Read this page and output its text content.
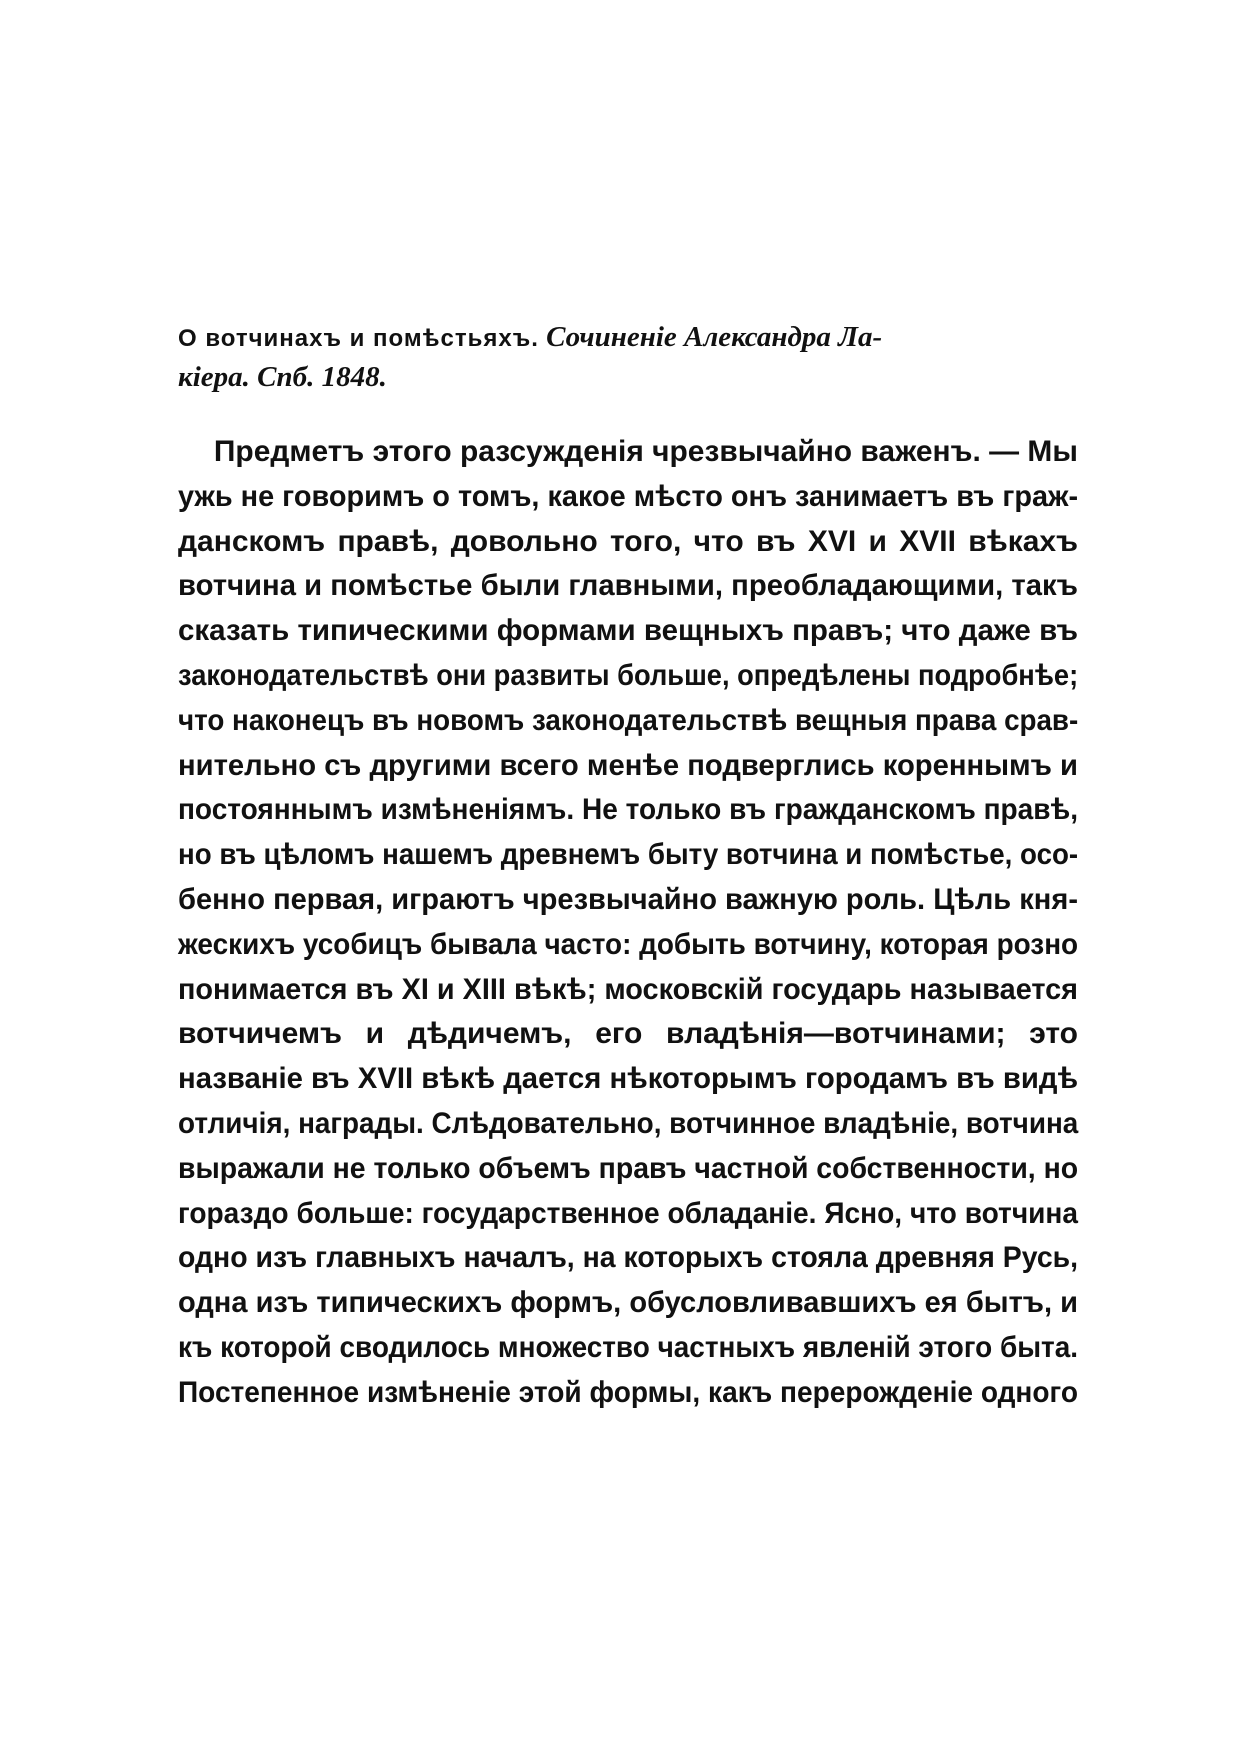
О вотчинахъ и помѣстьяхъ. Сочиненіе Александра Ла-
кіера. Спб. 1848.
Предметъ этого разсужденія чрезвычайно важенъ. — Мы
ужь не говоримъ о томъ, какое мѣсто онъ занимаетъ въ граж-
данскомъ правѣ, довольно того, что въ XVI и XVII вѣкахъ
вотчина и помѣстье были главными, преобладающими, такъ
сказать типическими формами вещныхъ правъ; что даже въ
законодательствѣ они развиты больше, опредѣлены подробнѣе;
что наконецъ въ новомъ законодательствѣ вещныя права срав-
нительно съ другими всего менѣе подверглись кореннымъ и
постояннымъ измѣненіямъ. Не только въ гражданскомъ правѣ,
но въ цѣломъ нашемъ древнемъ быту вотчина и помѣстье, осо-
бенно первая, играютъ чрезвычайно важную роль. Цѣль кня-
жескихъ усобицъ бывала часто: добыть вотчину, которая розно
понимается въ XI и XIII вѣкѣ; московскій государь называется
вотчичемъ и дѣдичемъ, его владѣнія—вотчинами; это
названіе въ XVII вѣкѣ дается нѣкоторымъ городамъ въ видѣ
отличія, награды. Слѣдовательно, вотчинное владѣніе, вотчина
выражали не только объемъ правъ частной собственности, но
гораздо больше: государственное обладаніе. Ясно, что вотчина
одно изъ главныхъ началъ, на которыхъ стояла древняя Русь,
одна изъ типическихъ формъ, обусловливавшихъ ея бытъ, и
къ которой сводилось множество частныхъ явленій этого быта.
Постепенное измѣненіе этой формы, какъ перерожденіе одного
